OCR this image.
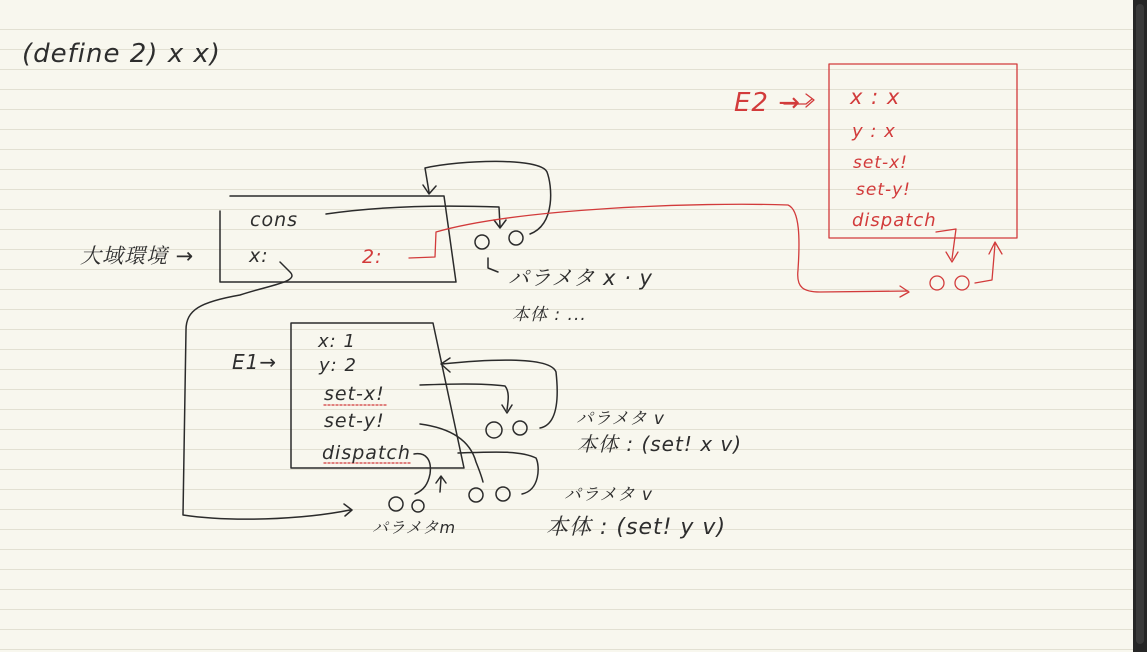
(define 2) x x)
大域環境 →
cons
x:	2:
パラメタ x · y
本体 : ...
E1→
x: 1
y: 2
set-x!
set-y!
dispatch
パラメタm
パラメタ v
本体 : (set! x v)
パラメタ v
本体 : (set! y v)
E2 → x : x
y : x
set-x!
set-y!
dispatch
